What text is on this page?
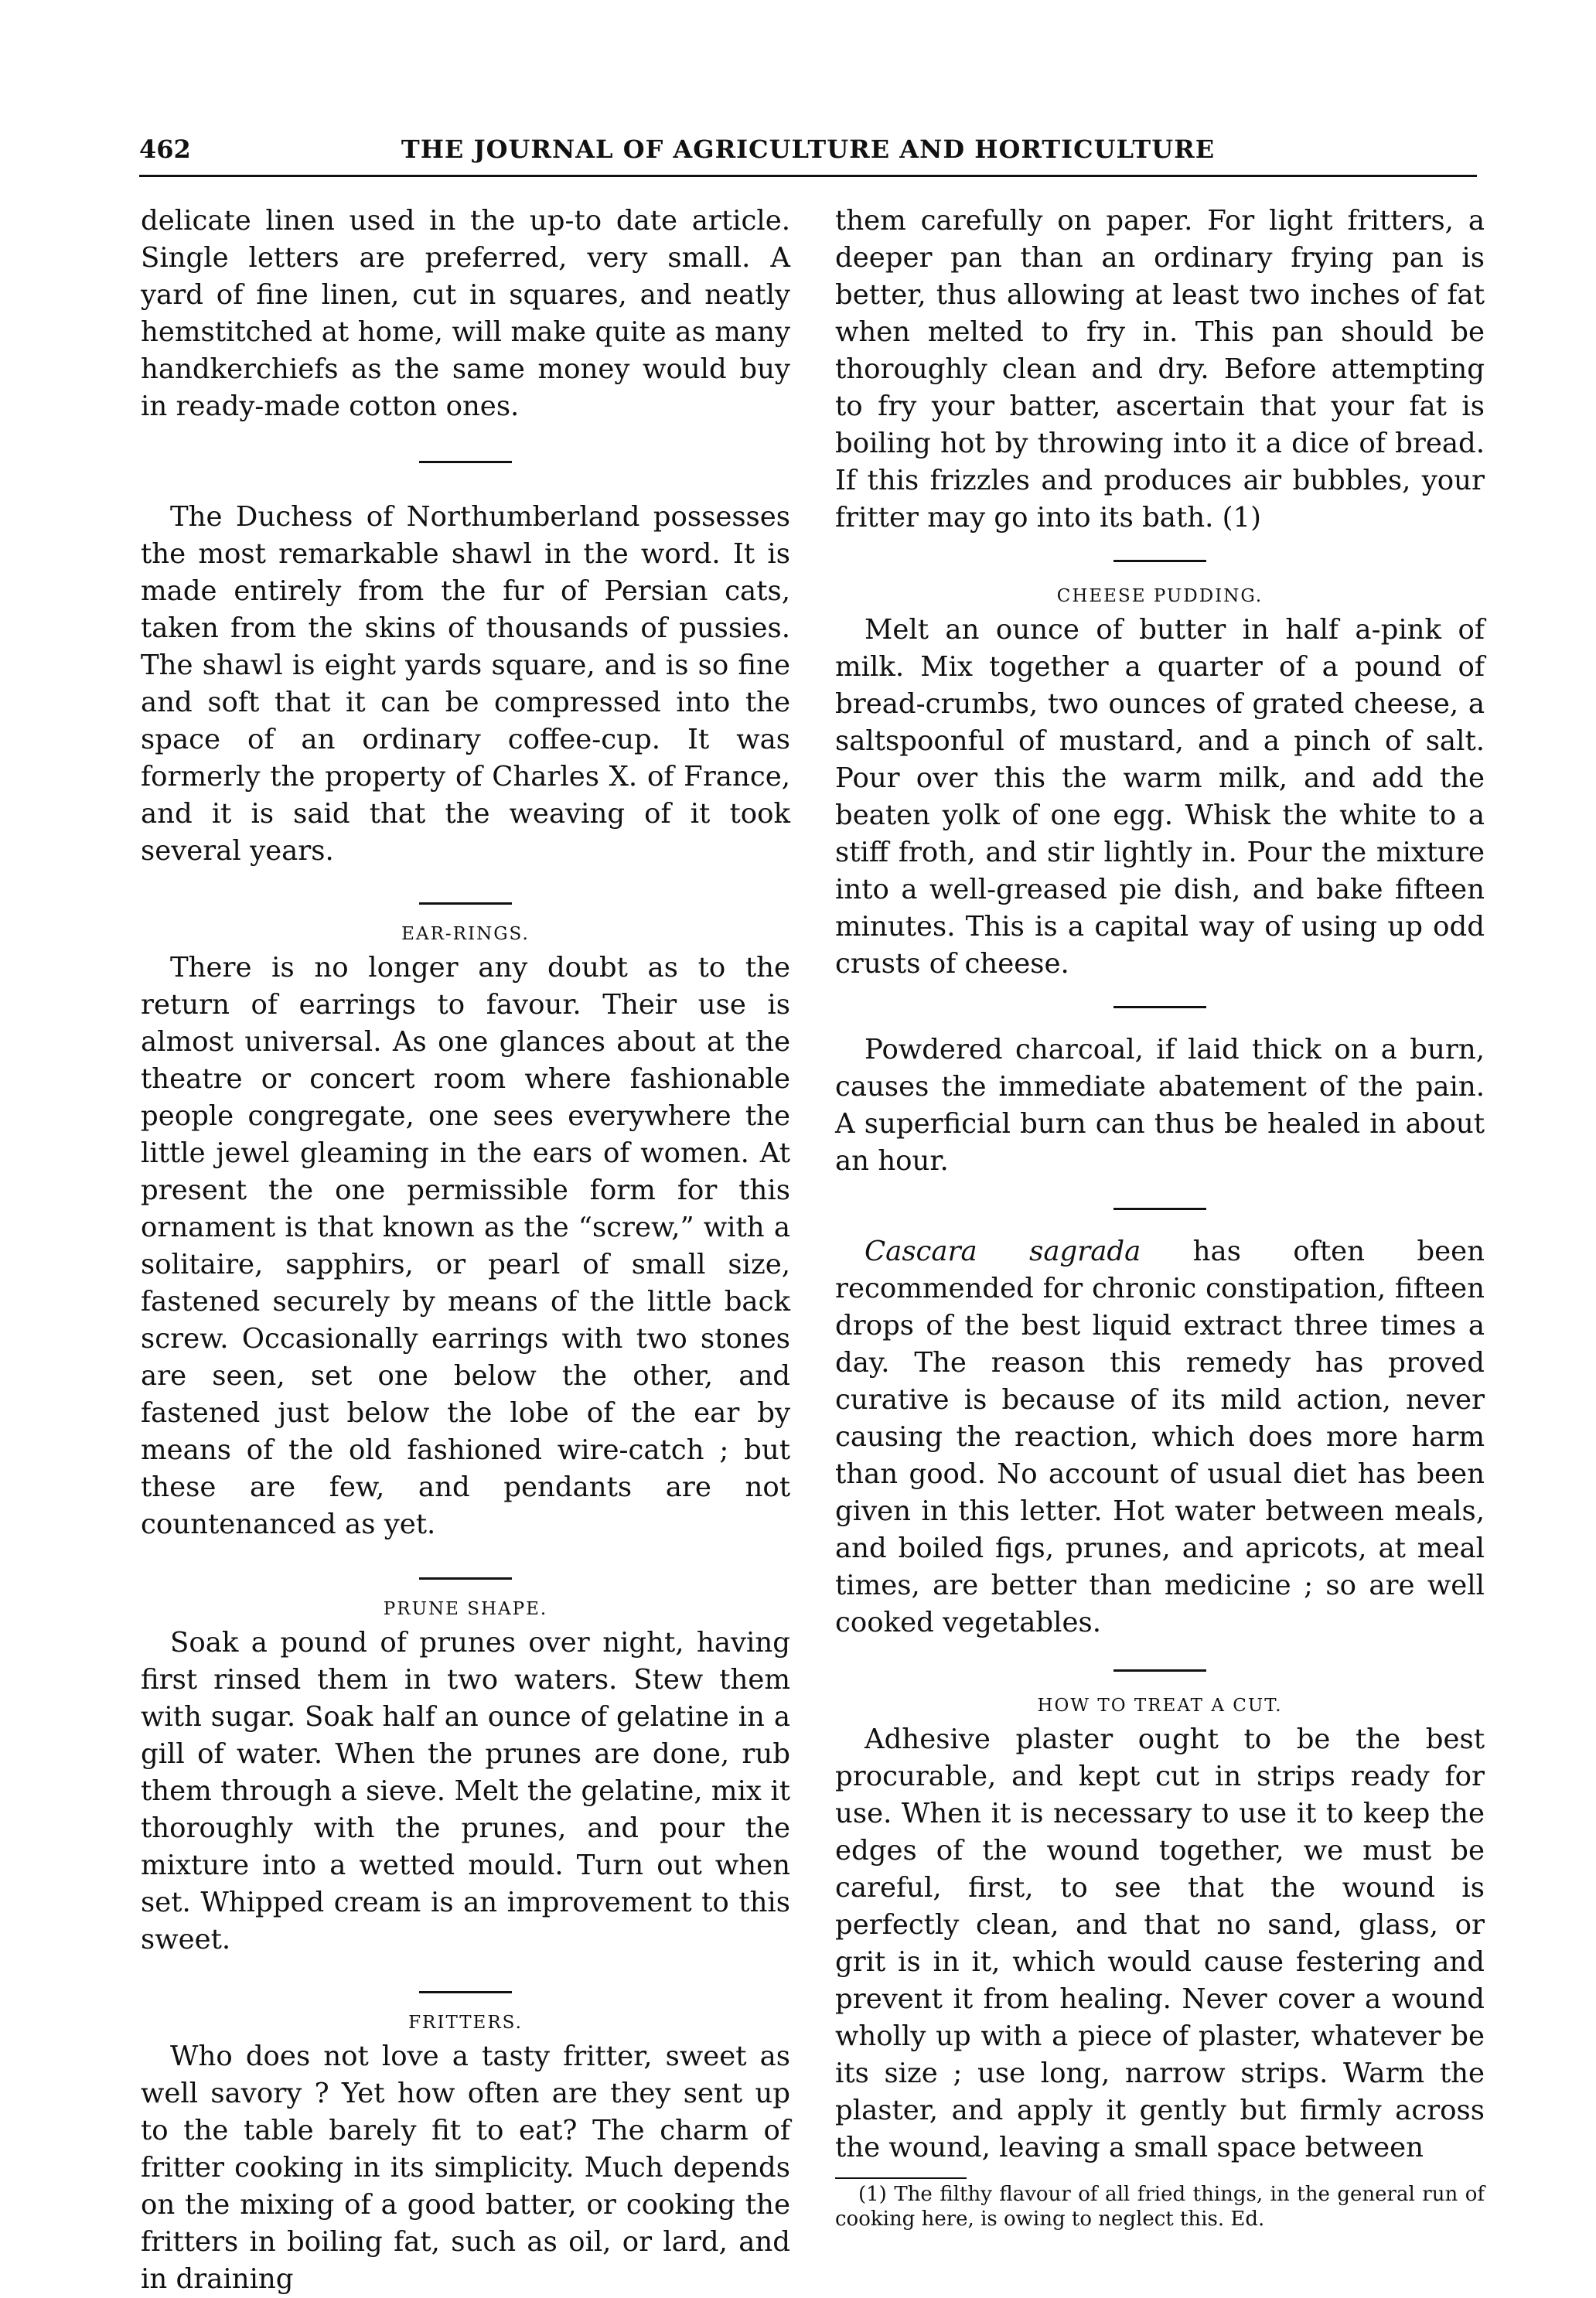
462	THE JOURNAL OF AGRICULTURE AND HORTICULTURE

delicate linen used in the up-to date article. Single letters are preferred, very small. A yard of fine linen, cut in squares, and neatly hemstitched at home, will make quite as many handkerchiefs as the same money would buy in ready-made cotton ones.

The Duchess of Northumberland possesses the most remarkable shawl in the word. It is made entirely from the fur of Persian cats, taken from the skins of thousands of pussies. The shawl is eight yards square, and is so fine and soft that it can be compressed into the space of an ordinary coffee-cup. It was formerly the property of Charles X. of France, and it is said that the weaving of it took several years.

EAR-RINGS.

There is no longer any doubt as to the return of earrings to favour. Their use is almost universal. As one glances about at the theatre or concert room where fashionable people congregate, one sees everywhere the little jewel gleaming in the ears of women. At present the one permissible form for this ornament is that known as the “screw,” with a solitaire, sapphirs, or pearl of small size, fastened securely by means of the little back screw. Occasionally earrings with two stones are seen, set one below the other, and fastened just below the lobe of the ear by means of the old fashioned wire-catch ; but these are few, and pendants are not countenanced as yet.

PRUNE SHAPE.

Soak a pound of prunes over night, having first rinsed them in two waters. Stew them with sugar. Soak half an ounce of gelatine in a gill of water. When the prunes are done, rub them through a sieve. Melt the gelatine, mix it thoroughly with the prunes, and pour the mixture into a wetted mould. Turn out when set. Whipped cream is an improvement to this sweet.

FRITTERS.

Who does not love a tasty fritter, sweet as well savory ? Yet how often are they sent up to the table barely fit to eat? The charm of fritter cooking in its simplicity. Much depends on the mixing of a good batter, or cooking the fritters in boiling fat, such as oil, or lard, and in draining

them carefully on paper. For light fritters, a deeper pan than an ordinary frying pan is better, thus allowing at least two inches of fat when melted to fry in. This pan should be thoroughly clean and dry. Before attempting to fry your batter, ascertain that your fat is boiling hot by throwing into it a dice of bread. If this frizzles and produces air bubbles, your fritter may go into its bath. (1)

CHEESE PUDDING.

Melt an ounce of butter in half a-pink of milk. Mix together a quarter of a pound of bread-crumbs, two ounces of grated cheese, a saltspoonful of mustard, and a pinch of salt. Pour over this the warm milk, and add the beaten yolk of one egg. Whisk the white to a stiff froth, and stir lightly in. Pour the mixture into a well-greased pie dish, and bake fifteen minutes. This is a capital way of using up odd crusts of cheese.

Powdered charcoal, if laid thick on a burn, causes the immediate abatement of the pain. A superficial burn can thus be healed in about an hour.

Cascara sagrada has often been recommended for chronic constipation, fifteen drops of the best liquid extract three times a day. The reason this remedy has proved curative is because of its mild action, never causing the reaction, which does more harm than good. No account of usual diet has been given in this letter. Hot water between meals, and boiled figs, prunes, and apricots, at meal times, are better than medicine ; so are well cooked vegetables.

HOW TO TREAT A CUT.

Adhesive plaster ought to be the best procurable, and kept cut in strips ready for use. When it is necessary to use it to keep the edges of the wound together, we must be careful, first, to see that the wound is perfectly clean, and that no sand, glass, or grit is in it, which would cause festering and prevent it from healing. Never cover a wound wholly up with a piece of plaster, whatever be its size ; use long, narrow strips. Warm the plaster, and apply it gently but firmly across the wound, leaving a small space between

(1) The filthy flavour of all fried things, in the general run of cooking here, is owing to neglect this. Ed.
